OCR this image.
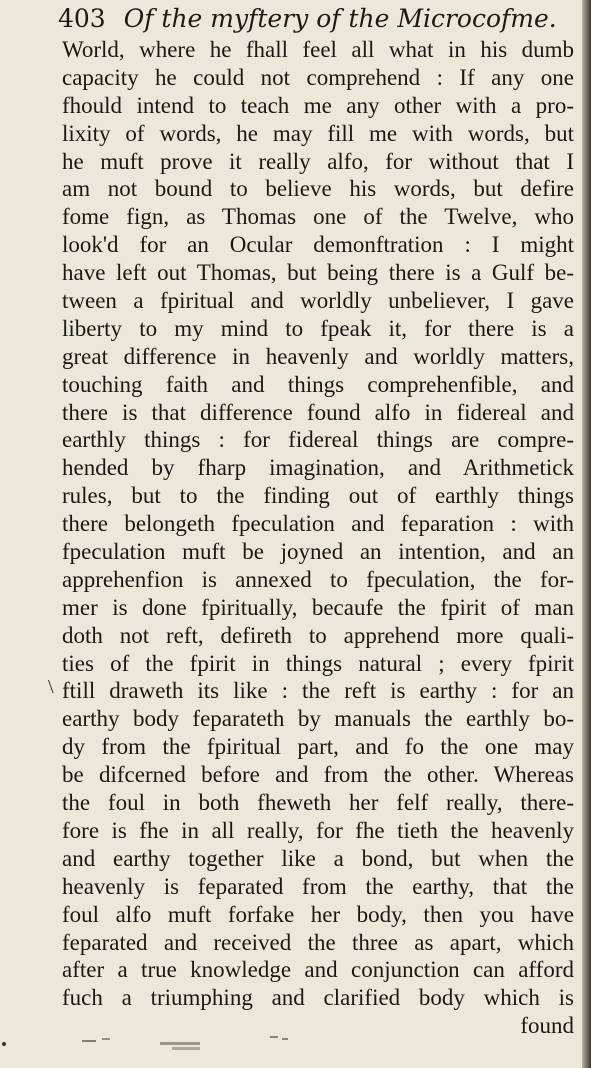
403 Of the myftery of the Microcofme.
\
World, where he fhall feel all what in his dumb
capacity he could not comprehend : If any one
fhould intend to teach me any other with a pro-
lixity of words, he may fill me with words, but
he muft prove it really alfo, for without that I
am not bound to believe his words, but defire
fome fign, as Thomas one of the Twelve, who
look'd for an Ocular demonftration : I might
have left out Thomas, but being there is a Gulf be-
tween a fpiritual and worldly unbeliever, I gave
liberty to my mind to fpeak it, for there is a
great difference in heavenly and worldly matters,
touching faith and things comprehenfible, and
there is that difference found alfo in fidereal and
earthly things : for fidereal things are compre-
hended by fharp imagination, and Arithmetick
rules, but to the finding out of earthly things
there belongeth fpeculation and feparation : with
fpeculation muft be joyned an intention, and an
apprehenfion is annexed to fpeculation, the for-
mer is done fpiritually, becaufe the fpirit of man
doth not reft, defireth to apprehend more quali-
ties of the fpirit in things natural ; every fpirit
ftill draweth its like : the reft is earthy : for an
earthy body feparateth by manuals the earthly bo-
dy from the fpiritual part, and fo the one may
be difcerned before and from the other. Whereas
the foul in both fheweth her felf really, there-
fore is fhe in all really, for fhe tieth the heavenly
and earthy together like a bond, but when the
heavenly is feparated from the earthy, that the
foul alfo muft forfake her body, then you have
feparated and received the three as apart, which
after a true knowledge and conjunction can afford
fuch a triumphing and clarified body which is
found
